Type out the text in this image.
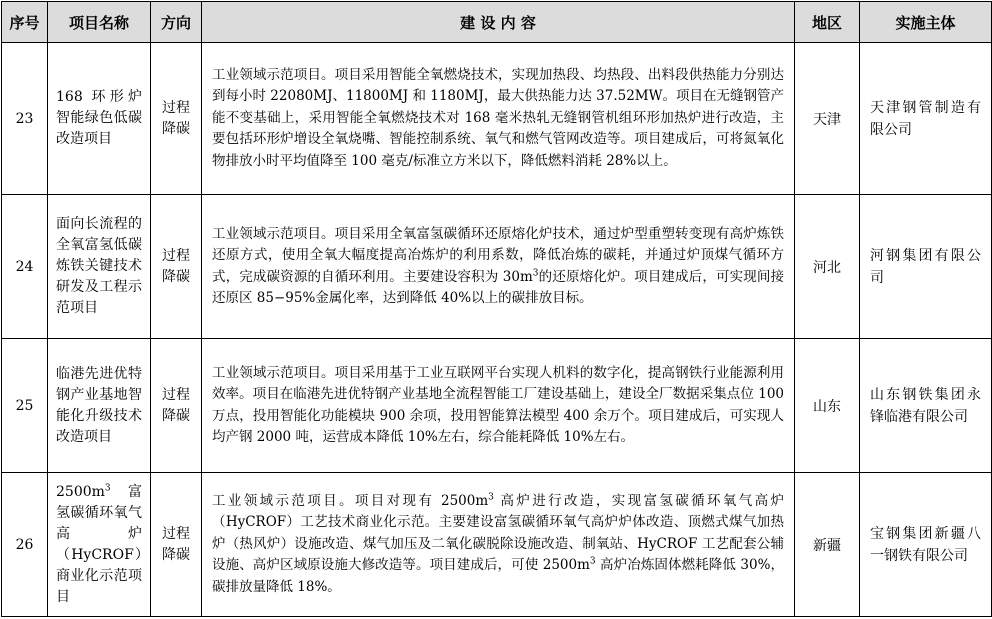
序号	项目名称	方向	建 设 内 容	地区	实施主体
23	168 环形炉智能绿色低碳改造项目	过程降碳	工业领域示范项目。项目采用智能全氧燃烧技术，实现加热段、均热段、出料段供热能力分别达到每小时 22080MJ、11800MJ 和 1180MJ，最大供热能力达 37.52MW。项目在无缝钢管产能不变基础上，采用智能全氧燃烧技术对 168 毫米热轧无缝钢管机组环形加热炉进行改造，主要包括环形炉增设全氧烧嘴、智能控制系统、氧气和燃气管网改造等。项目建成后，可将氮氧化物排放小时平均值降至 100 毫克/标准立方米以下，降低燃料消耗 28%以上。	天津	天津钢管制造有限公司
24	面向长流程的全氧富氢低碳炼铁关键技术研发及工程示范项目	过程降碳	工业领域示范项目。项目采用全氧富氢碳循环还原熔化炉技术，通过炉型重塑转变现有高炉炼铁还原方式，使用全氧大幅度提高冶炼炉的利用系数，降低冶炼的碳耗，并通过炉顶煤气循环方式，完成碳资源的自循环利用。主要建设容积为 $30m^3$的还原熔化炉。项目建成后，可实现间接还原区 85−95%金属化率，达到降低 40%以上的碳排放目标。	河北	河钢集团有限公司
25	临港先进优特钢产业基地智能化升级技术改造项目	过程降碳	工业领域示范项目。项目采用基于工业互联网平台实现人机料的数字化，提高钢铁行业能源利用效率。项目在临港先进优特钢产业基地全流程智能工厂建设基础上，建设全厂数据采集点位 100 万点，投用智能化功能模块 900 余项，投用智能算法模型 400 余万个。项目建成后，可实现人均产钢 2000 吨，运营成本降低 10%左右，综合能耗降低 10%左右。	山东	山东钢铁集团永锋临港有限公司
26	$2500m^3$ 富氢碳循环氧气高炉（HyCROF）商业化示范项目	过程降碳	工业领域示范项目。项目对现有 $2500m^3$ 高炉进行改造，实现富氢碳循环氧气高炉（HyCROF）工艺技术商业化示范。主要建设富氢碳循环氧气高炉炉体改造、顶燃式煤气加热炉（热风炉）设施改造、煤气加压及二氧化碳脱除设施改造、制氧站、HyCROF 工艺配套公辅设施、高炉区域原设施大修改造等。项目建成后，可使 $2500m^3$ 高炉冶炼固体燃耗降低 30%，碳排放量降低 18%。	新疆	宝钢集团新疆八一钢铁有限公司
